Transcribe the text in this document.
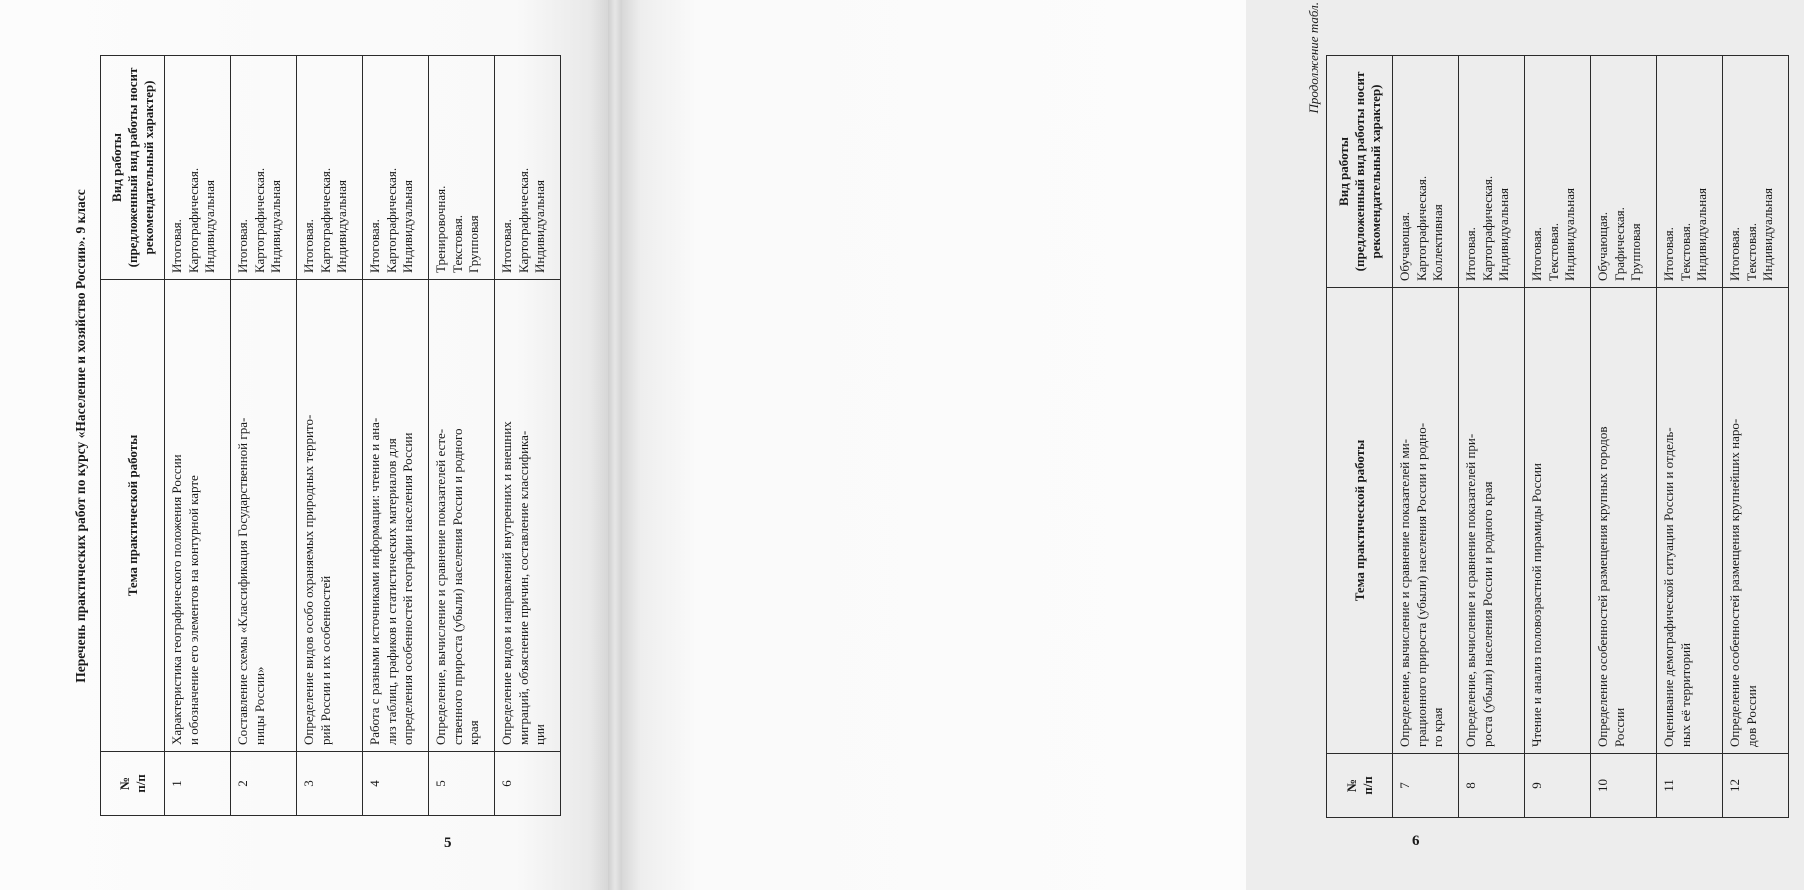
Перечень практических работ по курсу «Население и хозяйство России». 9 класс
№
п/п	Тема практической работы	Вид работы
(предложенный вид работы носит
рекомендательный характер)

1	Характеристика географического положения России
и обозначение его элементов на контурной карте	Итоговая.
Картографическая.
Индивидуальная

2	Составление схемы «Классификация Государственной гра-
ницы России»	Итоговая.
Картографическая.
Индивидуальная

3	Определение видов особо охраняемых природных террито-
рий России и их особенностей	Итоговая.
Картографическая.
Индивидуальная

4	Работа с разными источниками информации: чтение и ана-
лиз таблиц, графиков и статистических материалов для
определения особенностей географии населения России	Итоговая.
Картографическая.
Индивидуальная

5	Определение, вычисление и сравнение показателей есте-
ственного прироста (убыли) населения России и родного
края	Тренировочная.
Текстовая.
Групповая

6	Определение видов и направлений внутренних и внешних
миграций, объяснение причин, составление классифика-
ции	Итоговая.
Картографическая.
Индивидуальная
5
Продолжение табл.
№
п/п	Тема практической работы	Вид работы
(предложенный вид работы носит
рекомендательный характер)

7	Определение, вычисление и сравнение показателей ми-
грационного прироста (убыли) населения России и родно-
го края	Обучающая.
Картографическая.
Коллективная

8	Определение, вычисление и сравнение показателей при-
роста (убыли) населения России и родного края	Итоговая.
Картографическая.
Индивидуальная

9	Чтение и анализ половозрастной пирамиды России	Итоговая.
Текстовая.
Индивидуальная

10	Определение особенностей размещения крупных городов
России	Обучающая.
Графическая.
Групповая

11	Оценивание демографической ситуации России и отдель-
ных её территорий	Итоговая.
Текстовая.
Индивидуальная

12	Определение особенностей размещения крупнейших наро-
дов России	Итоговая.
Текстовая.
Индивидуальная
6
